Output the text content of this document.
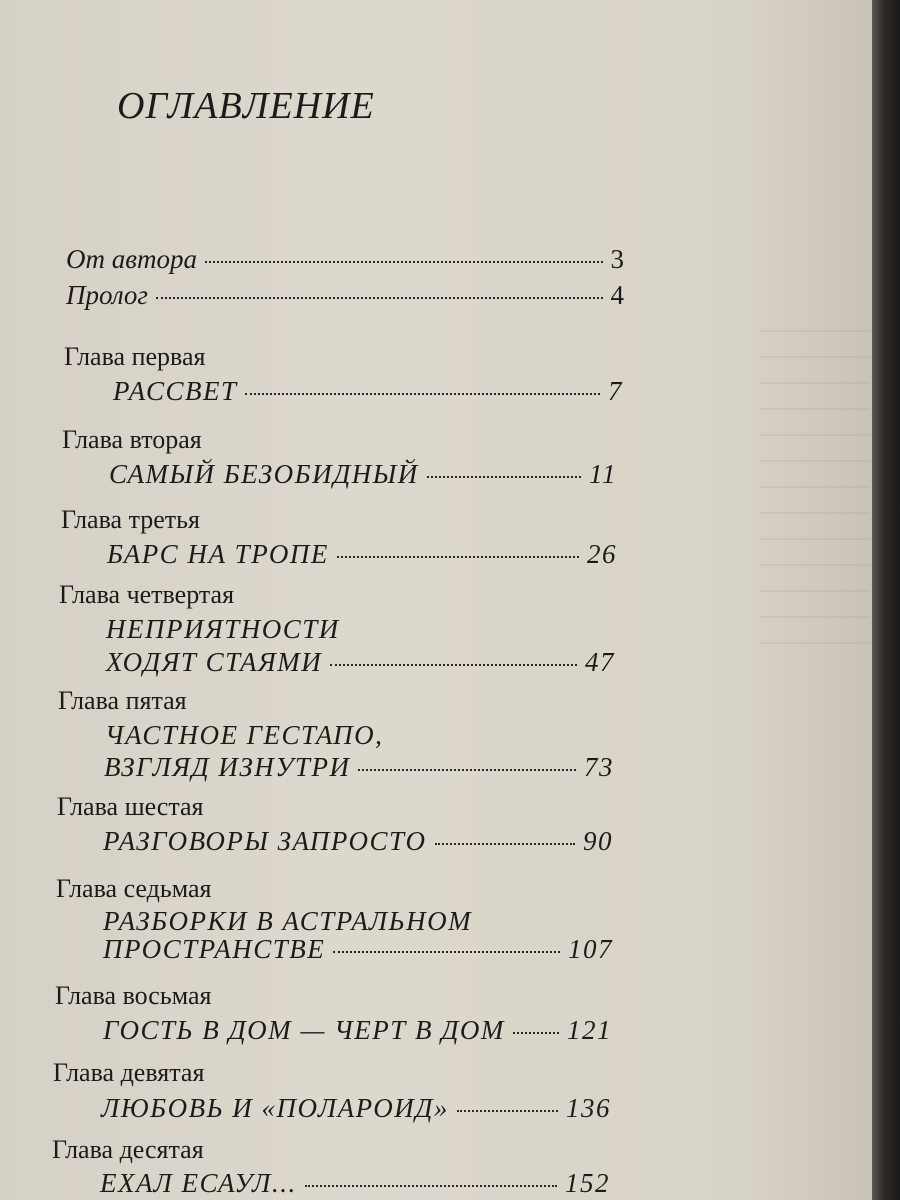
ОГЛАВЛЕНИЕ
От автора	3
Пролог	4
Глава первая
РАССВЕТ	7
Глава вторая
САМЫЙ БЕЗОБИДНЫЙ	11
Глава третья
БАРС НА ТРОПЕ	26
Глава четвертая
НЕПРИЯТНОСТИ
ХОДЯТ СТАЯМИ	47
Глава пятая
ЧАСТНОЕ ГЕСТАПО,
ВЗГЛЯД ИЗНУТРИ	73
Глава шестая
РАЗГОВОРЫ ЗАПРОСТО	90
Глава седьмая
РАЗБОРКИ В АСТРАЛЬНОМ
ПРОСТРАНСТВЕ	107
Глава восьмая
ГОСТЬ В ДОМ — ЧЕРТ В ДОМ 121
Глава девятая
ЛЮБОВЬ И «ПОЛАРОИД»	136
Глава десятая
ЕХАЛ ЕСАУЛ...	152
